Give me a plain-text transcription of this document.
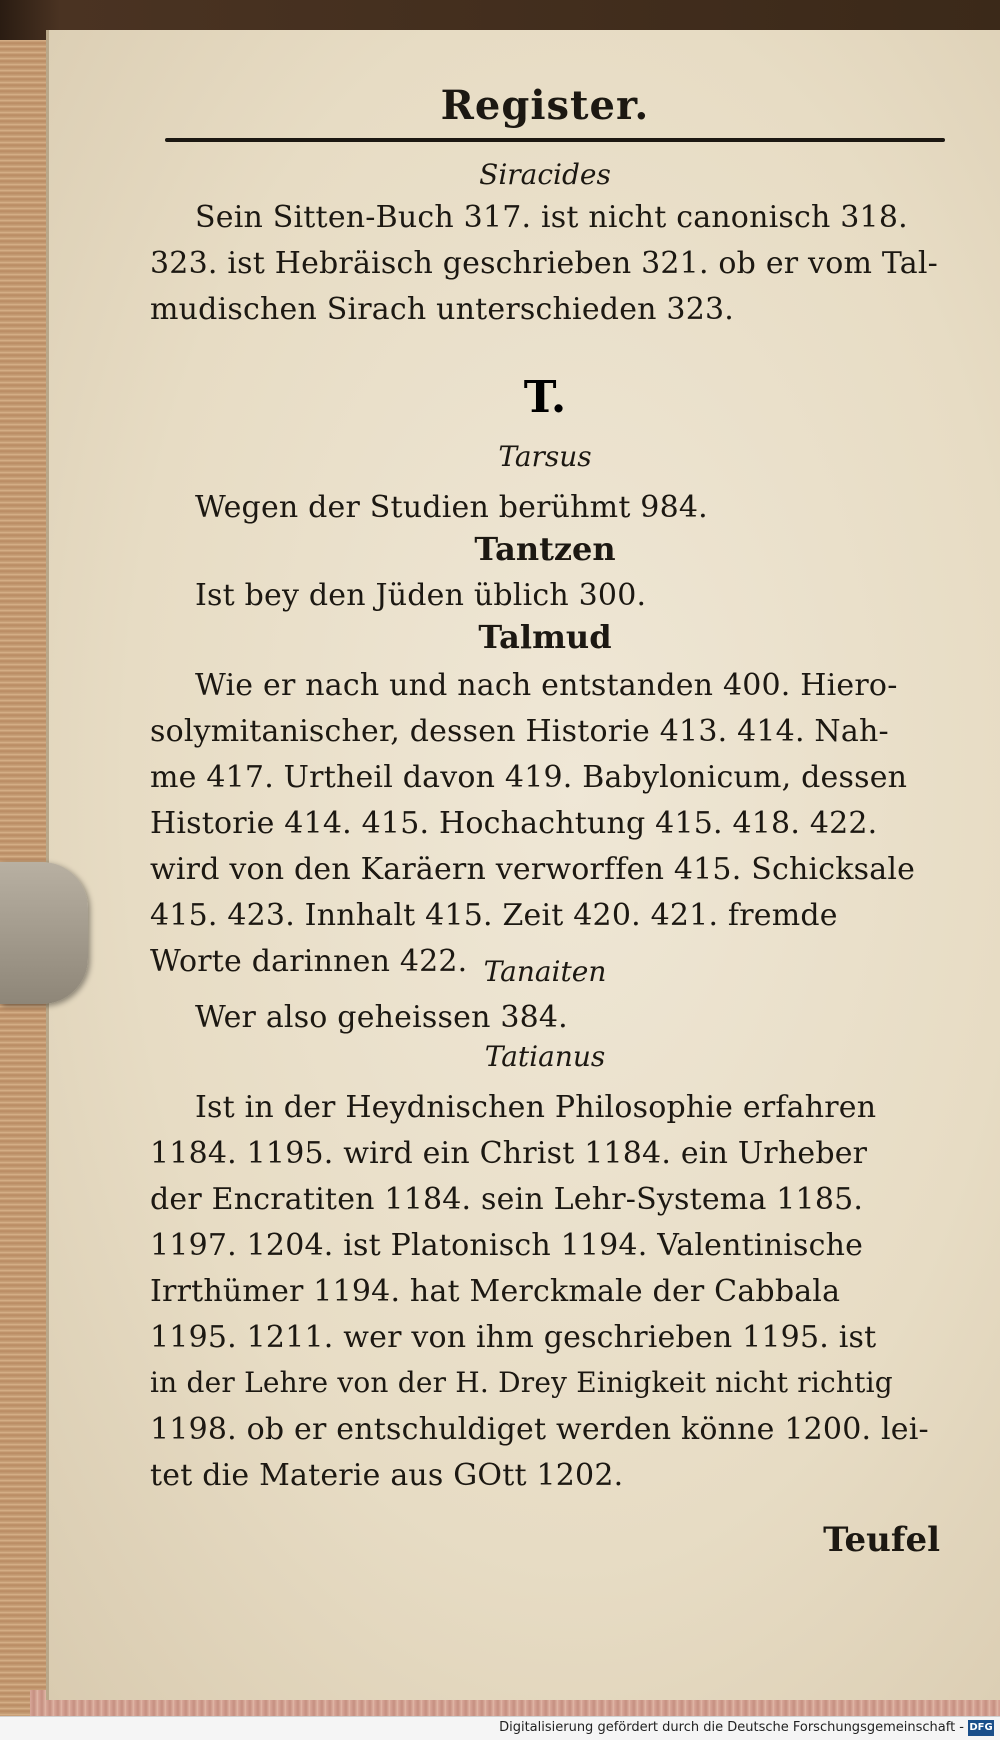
Register.
Siracides
Sein Sitten-Buch 317. ist nicht canonisch 318.
323. ist Hebräisch geschrieben 321. ob er vom Tal-
mudischen Sirach unterschieden 323.
T.
Tarsus
Wegen der Studien berühmt 984.
Tantzen
Ist bey den Jüden üblich 300.
Talmud
Wie er nach und nach entstanden 400. Hiero-
solymitanischer, dessen Historie 413. 414. Nah-
me 417. Urtheil davon 419. Babylonicum, dessen
Historie 414. 415. Hochachtung 415. 418. 422.
wird von den Karäern verworffen 415. Schicksale
415. 423. Innhalt 415. Zeit 420. 421. fremde
Worte darinnen 422. Tanaiten
Wer also geheissen 384.
Tatianus
Ist in der Heydnischen Philosophie erfahren
1184. 1195. wird ein Christ 1184. ein Urheber
der Encratiten 1184. sein Lehr-Systema 1185.
1197. 1204. ist Platonisch 1194. Valentinische
Irrthümer 1194. hat Merckmale der Cabbala
1195. 1211. wer von ihm geschrieben 1195. ist
in der Lehre von der H. Drey Einigkeit nicht richtig
1198. ob er entschuldiget werden könne 1200. lei-
tet die Materie aus GOtt 1202.
Teufel
Digitalisierung gefördert durch die Deutsche Forschungsgemeinschaft - DFG
